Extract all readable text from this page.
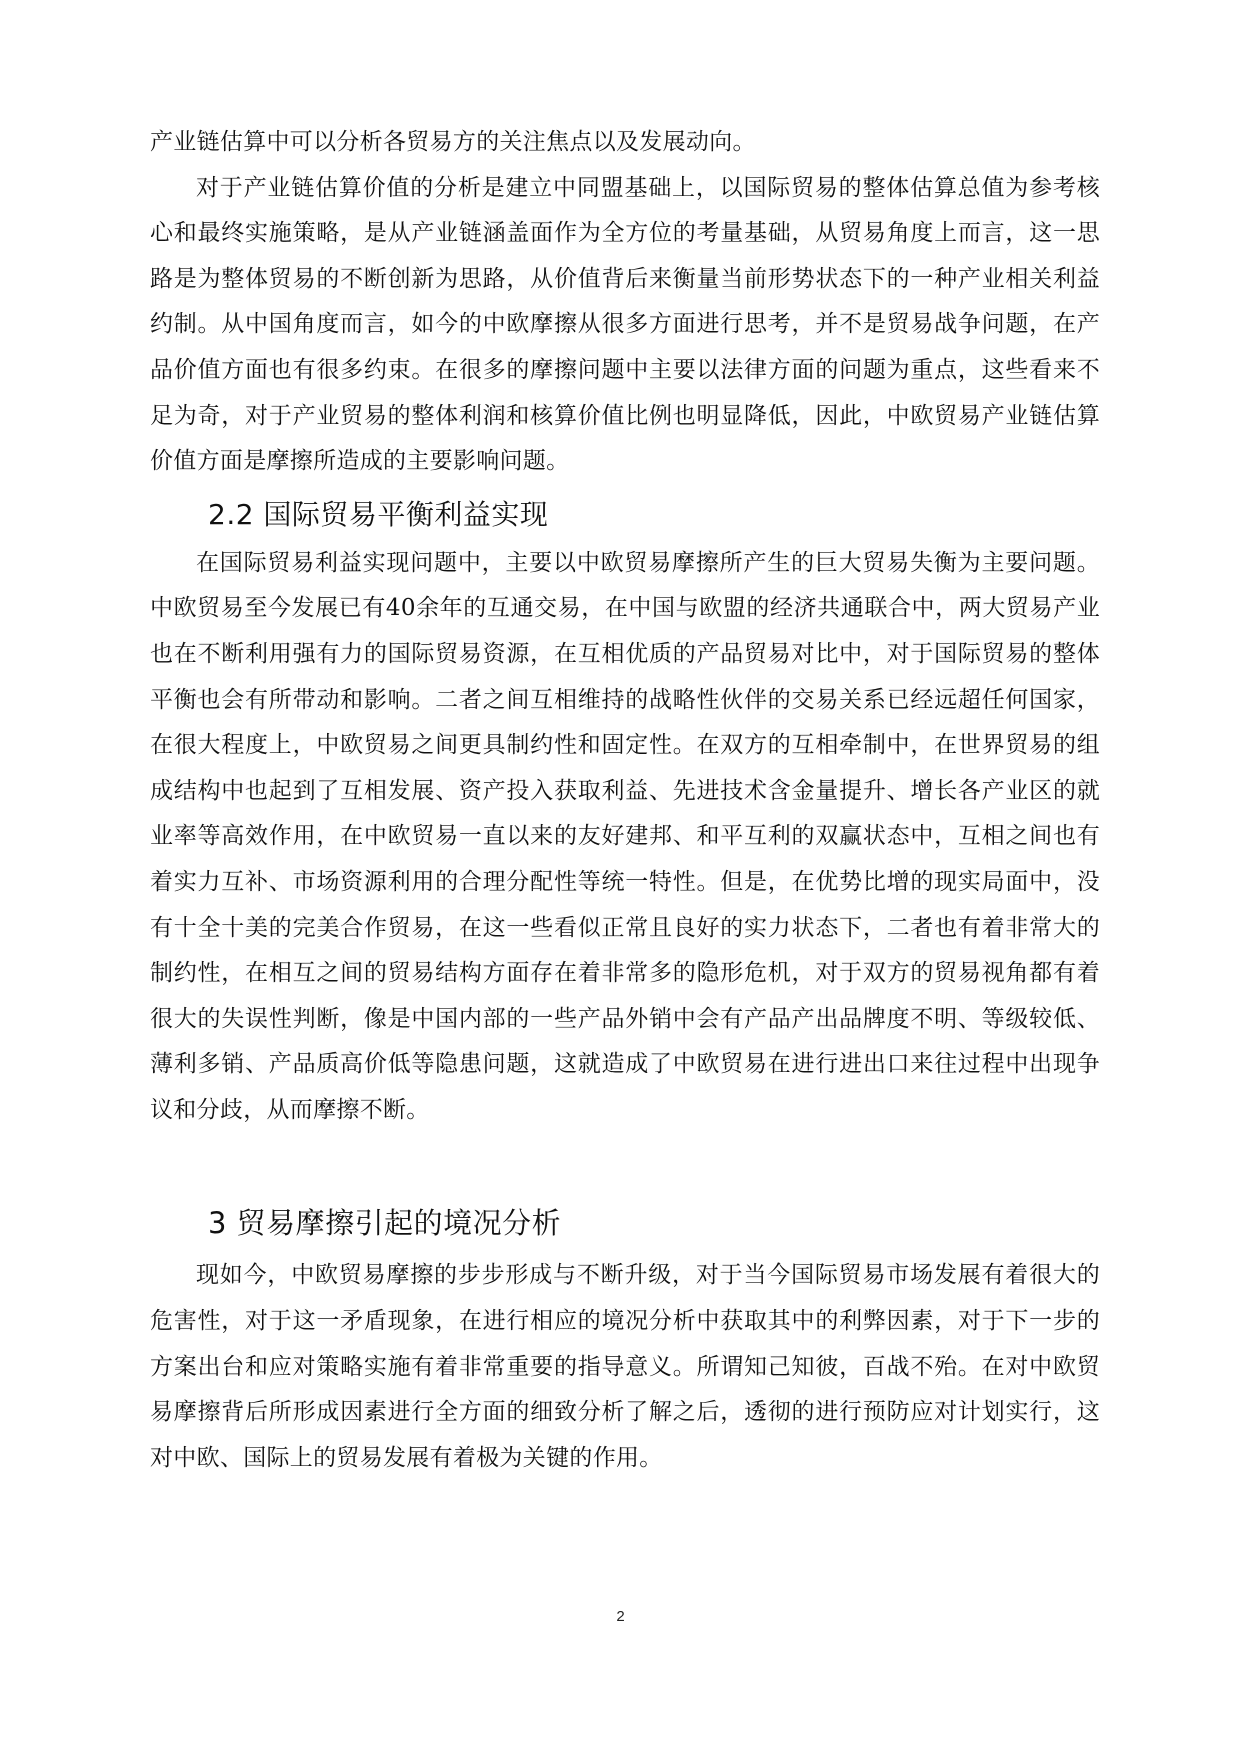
产业链估算中可以分析各贸易方的关注焦点以及发展动向。

对于产业链估算价值的分析是建立中同盟基础上，以国际贸易的整体估算总值为参考核心和最终实施策略，是从产业链涵盖面作为全方位的考量基础，从贸易角度上而言，这一思路是为整体贸易的不断创新为思路，从价值背后来衡量当前形势状态下的一种产业相关利益约制。从中国角度而言，如今的中欧摩擦从很多方面进行思考，并不是贸易战争问题，在产品价值方面也有很多约束。在很多的摩擦问题中主要以法律方面的问题为重点，这些看来不足为奇，对于产业贸易的整体利润和核算价值比例也明显降低，因此，中欧贸易产业链估算价值方面是摩擦所造成的主要影响问题。

2.2 国际贸易平衡利益实现

在国际贸易利益实现问题中，主要以中欧贸易摩擦所产生的巨大贸易失衡为主要问题。中欧贸易至今发展已有40余年的互通交易，在中国与欧盟的经济共通联合中，两大贸易产业也在不断利用强有力的国际贸易资源，在互相优质的产品贸易对比中，对于国际贸易的整体平衡也会有所带动和影响。二者之间互相维持的战略性伙伴的交易关系已经远超任何国家，在很大程度上，中欧贸易之间更具制约性和固定性。在双方的互相牵制中，在世界贸易的组成结构中也起到了互相发展、资产投入获取利益、先进技术含金量提升、增长各产业区的就业率等高效作用，在中欧贸易一直以来的友好建邦、和平互利的双赢状态中，互相之间也有着实力互补、市场资源利用的合理分配性等统一特性。但是，在优势比增的现实局面中，没有十全十美的完美合作贸易，在这一些看似正常且良好的实力状态下，二者也有着非常大的制约性，在相互之间的贸易结构方面存在着非常多的隐形危机，对于双方的贸易视角都有着很大的失误性判断，像是中国内部的一些产品外销中会有产品产出品牌度不明、等级较低、薄利多销、产品质高价低等隐患问题，这就造成了中欧贸易在进行进出口来往过程中出现争议和分歧，从而摩擦不断。

3 贸易摩擦引起的境况分析

现如今，中欧贸易摩擦的步步形成与不断升级，对于当今国际贸易市场发展有着很大的危害性，对于这一矛盾现象，在进行相应的境况分析中获取其中的利弊因素，对于下一步的方案出台和应对策略实施有着非常重要的指导意义。所谓知己知彼，百战不殆。在对中欧贸易摩擦背后所形成因素进行全方面的细致分析了解之后，透彻的进行预防应对计划实行，这对中欧、国际上的贸易发展有着极为关键的作用。

2
